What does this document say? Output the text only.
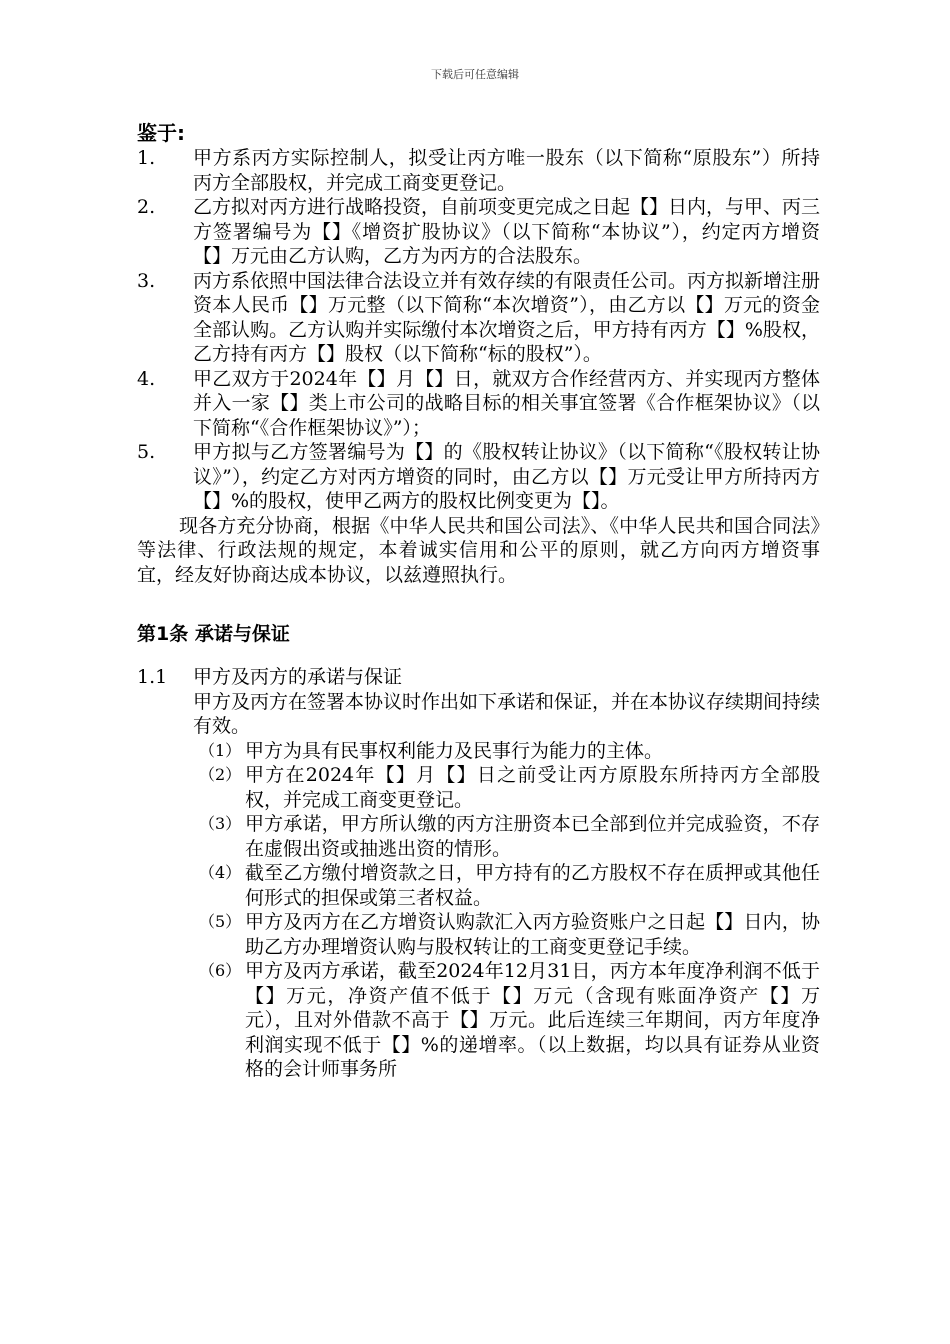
下载后可任意编辑

鉴于:

1. 甲方系丙方实际控制人，拟受让丙方唯一股东（以下简称“原股东”）所持丙方全部股权，并完成工商变更登记。
2. 乙方拟对丙方进行战略投资，自前项变更完成之日起【】日内，与甲、丙三方签署编号为【】《增资扩股协议》（以下简称“本协议”），约定丙方增资【】万元由乙方认购，乙方为丙方的合法股东。
3. 丙方系依照中国法律合法设立并有效存续的有限责任公司。丙方拟新增注册资本人民币【】万元整（以下简称“本次增资”），由乙方以【】万元的资金全部认购。乙方认购并实际缴付本次增资之后，甲方持有丙方【】%股权，乙方持有丙方【】股权（以下简称“标的股权”）。
4. 甲乙双方于2024年【】月【】日，就双方合作经营丙方、并实现丙方整体并入一家【】类上市公司的战略目标的相关事宜签署《合作框架协议》（以下简称“《合作框架协议》”）；
5. 甲方拟与乙方签署编号为【】的《股权转让协议》（以下简称“《股权转让协议》”），约定乙方对丙方增资的同时，由乙方以【】万元受让甲方所持丙方【】%的股权，使甲乙两方的股权比例变更为【】。

现各方充分协商，根据《中华人民共和国公司法》、《中华人民共和国合同法》等法律、行政法规的规定，本着诚实信用和公平的原则，就乙方向丙方增资事宜，经友好协商达成本协议，以兹遵照执行。

第1条 承诺与保证

1.1 甲方及丙方的承诺与保证

甲方及丙方在签署本协议时作出如下承诺和保证，并在本协议存续期间持续有效。

（1） 甲方为具有民事权利能力及民事行为能力的主体。
（2） 甲方在2024年【】月【】日之前受让丙方原股东所持丙方全部股权，并完成工商变更登记。
（3） 甲方承诺，甲方所认缴的丙方注册资本已全部到位并完成验资，不存在虚假出资或抽逃出资的情形。
（4） 截至乙方缴付增资款之日，甲方持有的乙方股权不存在质押或其他任何形式的担保或第三者权益。
（5） 甲方及丙方在乙方增资认购款汇入丙方验资账户之日起【】日内，协助乙方办理增资认购与股权转让的工商变更登记手续。
（6） 甲方及丙方承诺，截至2024年12月31日，丙方本年度净利润不低于【】万元，净资产值不低于【】万元（含现有账面净资产【】万元），且对外借款不高于【】万元。此后连续三年期间，丙方年度净利润实现不低于【】%的递增率。（以上数据，均以具有证券从业资格的会计师事务所
